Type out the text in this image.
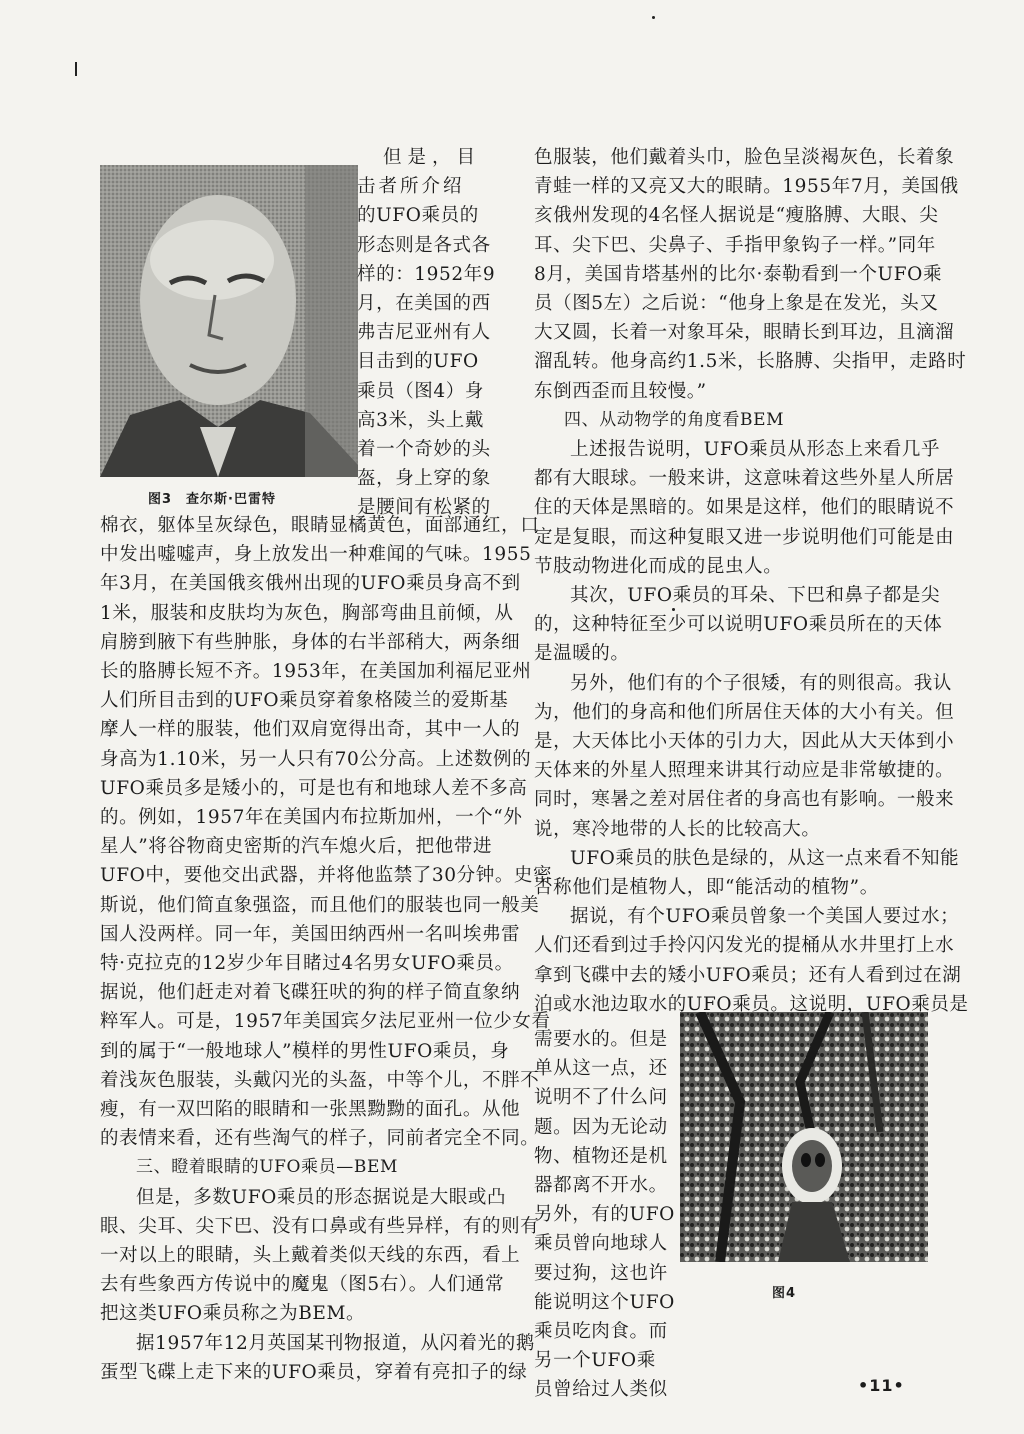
图3　查尔斯·巴雷特
图4
但是，目
击者所介绍
的UFO乘员的
形态则是各式各
样的：1952年9
月，在美国的西
弗吉尼亚州有人
目击到的UFO
乘员（图4）身
高3米，头上戴
着一个奇妙的头
盔，身上穿的象
是腰间有松紧的
棉衣，躯体呈灰绿色，眼睛显橘黄色，面部通红，口
中发出嘘嘘声，身上放发出一种难闻的气味。1955
年3月，在美国俄亥俄州出现的UFO乘员身高不到
1米，服装和皮肤均为灰色，胸部弯曲且前倾，从
肩膀到腋下有些肿胀，身体的右半部稍大，两条细
长的胳膊长短不齐。1953年，在美国加利福尼亚州
人们所目击到的UFO乘员穿着象格陵兰的爱斯基
摩人一样的服装，他们双肩宽得出奇，其中一人的
身高为1.10米，另一人只有70公分高。上述数例的
UFO乘员多是矮小的，可是也有和地球人差不多高
的。例如，1957年在美国内布拉斯加州，一个“外
星人”将谷物商史密斯的汽车熄火后，把他带进
UFO中，要他交出武器，并将他监禁了30分钟。史密
斯说，他们简直象强盗，而且他们的服装也同一般美
国人没两样。同一年，美国田纳西州一名叫埃弗雷
特·克拉克的12岁少年目睹过4名男女UFO乘员。
据说，他们赶走对着飞碟狂吠的狗的样子简直象纳
粹军人。可是，1957年美国宾夕法尼亚州一位少女看
到的属于“一般地球人”模样的男性UFO乘员，身
着浅灰色服装，头戴闪光的头盔，中等个儿，不胖不
瘦，有一双凹陷的眼睛和一张黑黝黝的面孔。从他
的表情来看，还有些淘气的样子，同前者完全不同。
三、瞪着眼睛的UFO乘员—BEM
但是，多数UFO乘员的形态据说是大眼或凸
眼、尖耳、尖下巴、没有口鼻或有些异样，有的则有
一对以上的眼睛，头上戴着类似天线的东西，看上
去有些象西方传说中的魔鬼（图5右）。人们通常
把这类UFO乘员称之为BEM。
据1957年12月英国某刊物报道，从闪着光的鹅
蛋型飞碟上走下来的UFO乘员，穿着有亮扣子的绿
色服装，他们戴着头巾，脸色呈淡褐灰色，长着象
青蛙一样的又亮又大的眼睛。1955年7月，美国俄
亥俄州发现的4名怪人据说是“瘦胳膊、大眼、尖
耳、尖下巴、尖鼻子、手指甲象钩子一样。”同年
8月，美国肯塔基州的比尔·泰勒看到一个UFO乘
员（图5左）之后说：“他身上象是在发光，头又
大又圆，长着一对象耳朵，眼睛长到耳边，且滴溜
溜乱转。他身高约1.5米，长胳膊、尖指甲，走路时
东倒西歪而且较慢。”
四、从动物学的角度看BEM
上述报告说明，UFO乘员从形态上来看几乎
都有大眼球。一般来讲，这意味着这些外星人所居
住的天体是黑暗的。如果是这样，他们的眼睛说不
定是复眼，而这种复眼又进一步说明他们可能是由
节肢动物进化而成的昆虫人。
其次，UFO乘员的耳朵、下巴和鼻子都是尖
的，这种特征至少可以说明UFO乘员所在的天体
是温暖的。
另外，他们有的个子很矮，有的则很高。我认
为，他们的身高和他们所居住天体的大小有关。但
是，大天体比小天体的引力大，因此从大天体到小
天体来的外星人照理来讲其行动应是非常敏捷的。
同时，寒暑之差对居住者的身高也有影响。一般来
说，寒冷地带的人长的比较高大。
UFO乘员的肤色是绿的，从这一点来看不知能
否称他们是植物人，即“能活动的植物”。
据说，有个UFO乘员曾象一个美国人要过水；
人们还看到过手拎闪闪发光的提桶从水井里打上水
拿到飞碟中去的矮小UFO乘员；还有人看到过在湖
泊或水池边取水的UFO乘员。这说明，UFO乘员是
需要水的。但是
单从这一点，还
说明不了什么问
题。因为无论动
物、植物还是机
器都离不开水。
另外，有的UFO
乘员曾向地球人
要过狗，这也许
能说明这个UFO
乘员吃肉食。而
另一个UFO乘
员曾给过人类似	•11•
